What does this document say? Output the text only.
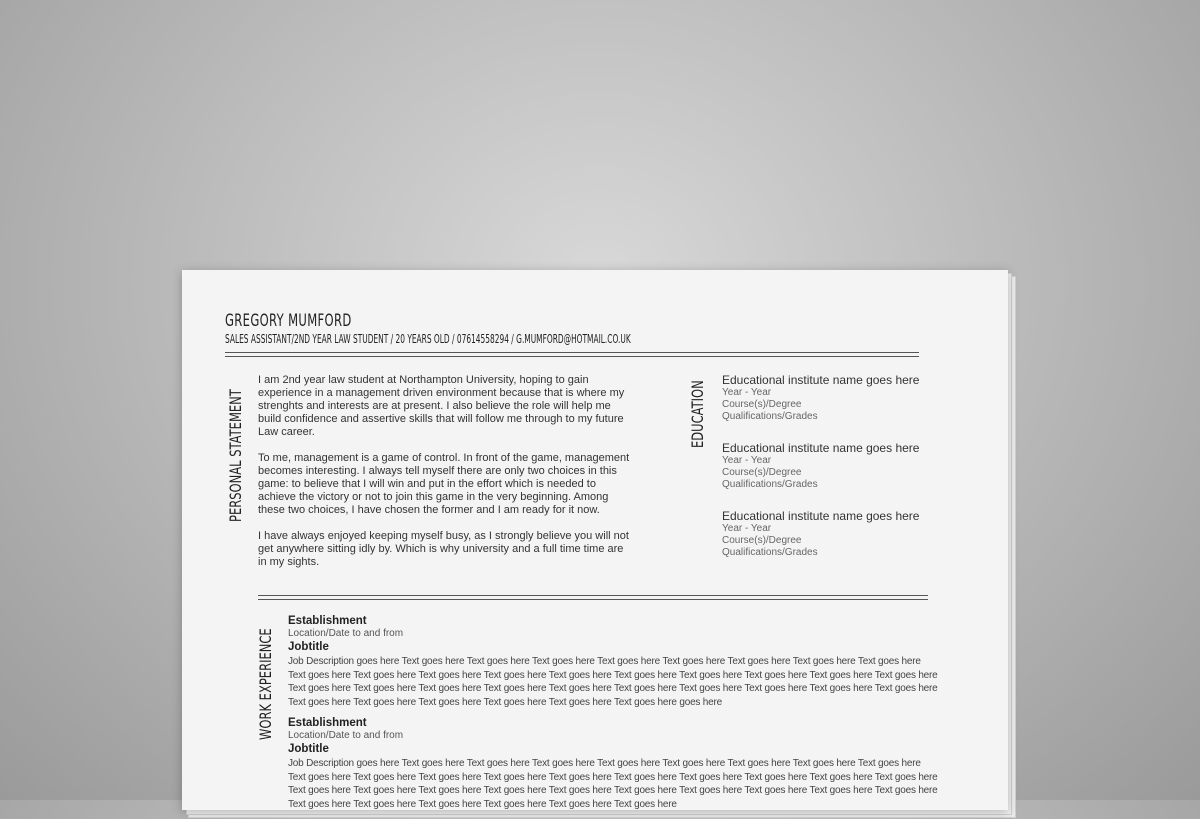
GREGORY MUMFORD
SALES ASSISTANT/2ND YEAR LAW STUDENT / 20 YEARS OLD / 07614558294 / G.MUMFORD@HOTMAIL.CO.UK
PERSONAL STATEMENT

I am 2nd year law student at Northampton University, hoping to gain experience in a management driven environment because that is where my strenghts and interests are at present. I also believe the role will help me build confidence and assertive skills that will follow me through to my future Law career.

To me, management is a game of control. In front of the game, management becomes interesting. I always tell myself there are only two choices in this game: to believe that I will win and put in the effort which is needed to achieve the victory or not to join this game in the very beginning. Among these two choices, I have chosen the former and I am ready for it now.

I have always enjoyed keeping myself busy, as I strongly believe you will not get anywhere sitting idly by. Which is why university and a full time time are in my sights.

EDUCATION
Educational institute name goes here
Year - Year
Course(s)/Degree
Qualifications/Grades
Educational institute name goes here
Year - Year
Course(s)/Degree
Qualifications/Grades
Educational institute name goes here
Year - Year
Course(s)/Degree
Qualifications/Grades
WORK EXPERIENCE
Establishment
Location/Date to and from
Jobtitle
Job Description goes here Text goes here Text goes here Text goes here Text goes here Text goes here Text goes here Text goes here Text goes here Text goes here Text goes here Text goes here Text goes here Text goes here Text goes here Text goes here Text goes here Text goes here Text goes here Text goes here Text goes here Text goes here Text goes here Text goes here Text goes here Text goes here Text goes here Text goes here Text goes here Text goes here Text goes here Text goes here Text goes here Text goes here Text goes here goes here
Establishment
Location/Date to and from
Jobtitle
Job Description goes here Text goes here Text goes here Text goes here Text goes here Text goes here Text goes here Text goes here Text goes here Text goes here Text goes here Text goes here Text goes here Text goes here Text goes here Text goes here Text goes here Text goes here Text goes here Text goes here Text goes here Text goes here Text goes here Text goes here Text goes here Text goes here Text goes here Text goes here Text goes here Text goes here Text goes here Text goes here Text goes here Text goes here Text goes here
